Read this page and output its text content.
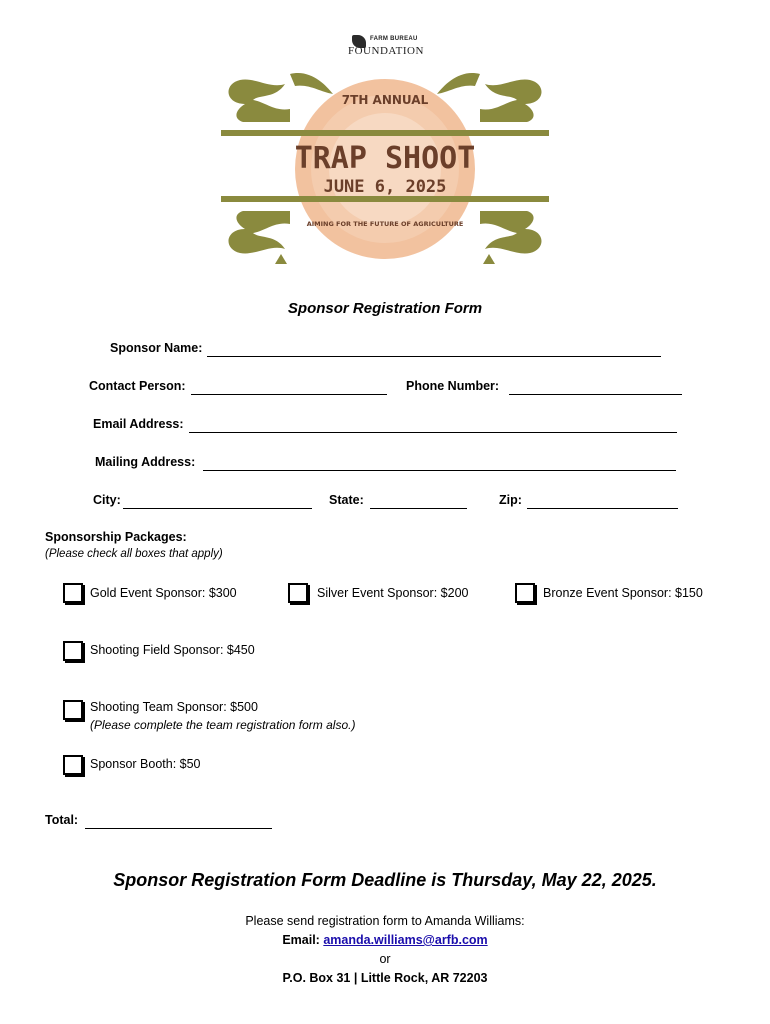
FARM BUREAU
FOUNDATION
7TH ANNUAL
TRAP SHOOT
JUNE 6, 2025
AIMING FOR THE FUTURE OF AGRICULTURE
Sponsor Registration Form
Sponsor Name:
Contact Person:	Phone Number:
Email Address:
Mailing Address:
City:	State:	Zip:
Sponsorship Packages:
(Please check all boxes that apply)
Gold Event Sponsor: $300	Silver Event Sponsor: $200	Bronze Event Sponsor: $150
Shooting Field Sponsor: $450
Shooting Team Sponsor: $500
(Please complete the team registration form also.)
Sponsor Booth: $50
Total:
Sponsor Registration Form Deadline is Thursday, May 22, 2025.
Please send registration form to Amanda Williams:
Email: amanda.williams@arfb.com
or
P.O. Box 31 | Little Rock, AR 72203
